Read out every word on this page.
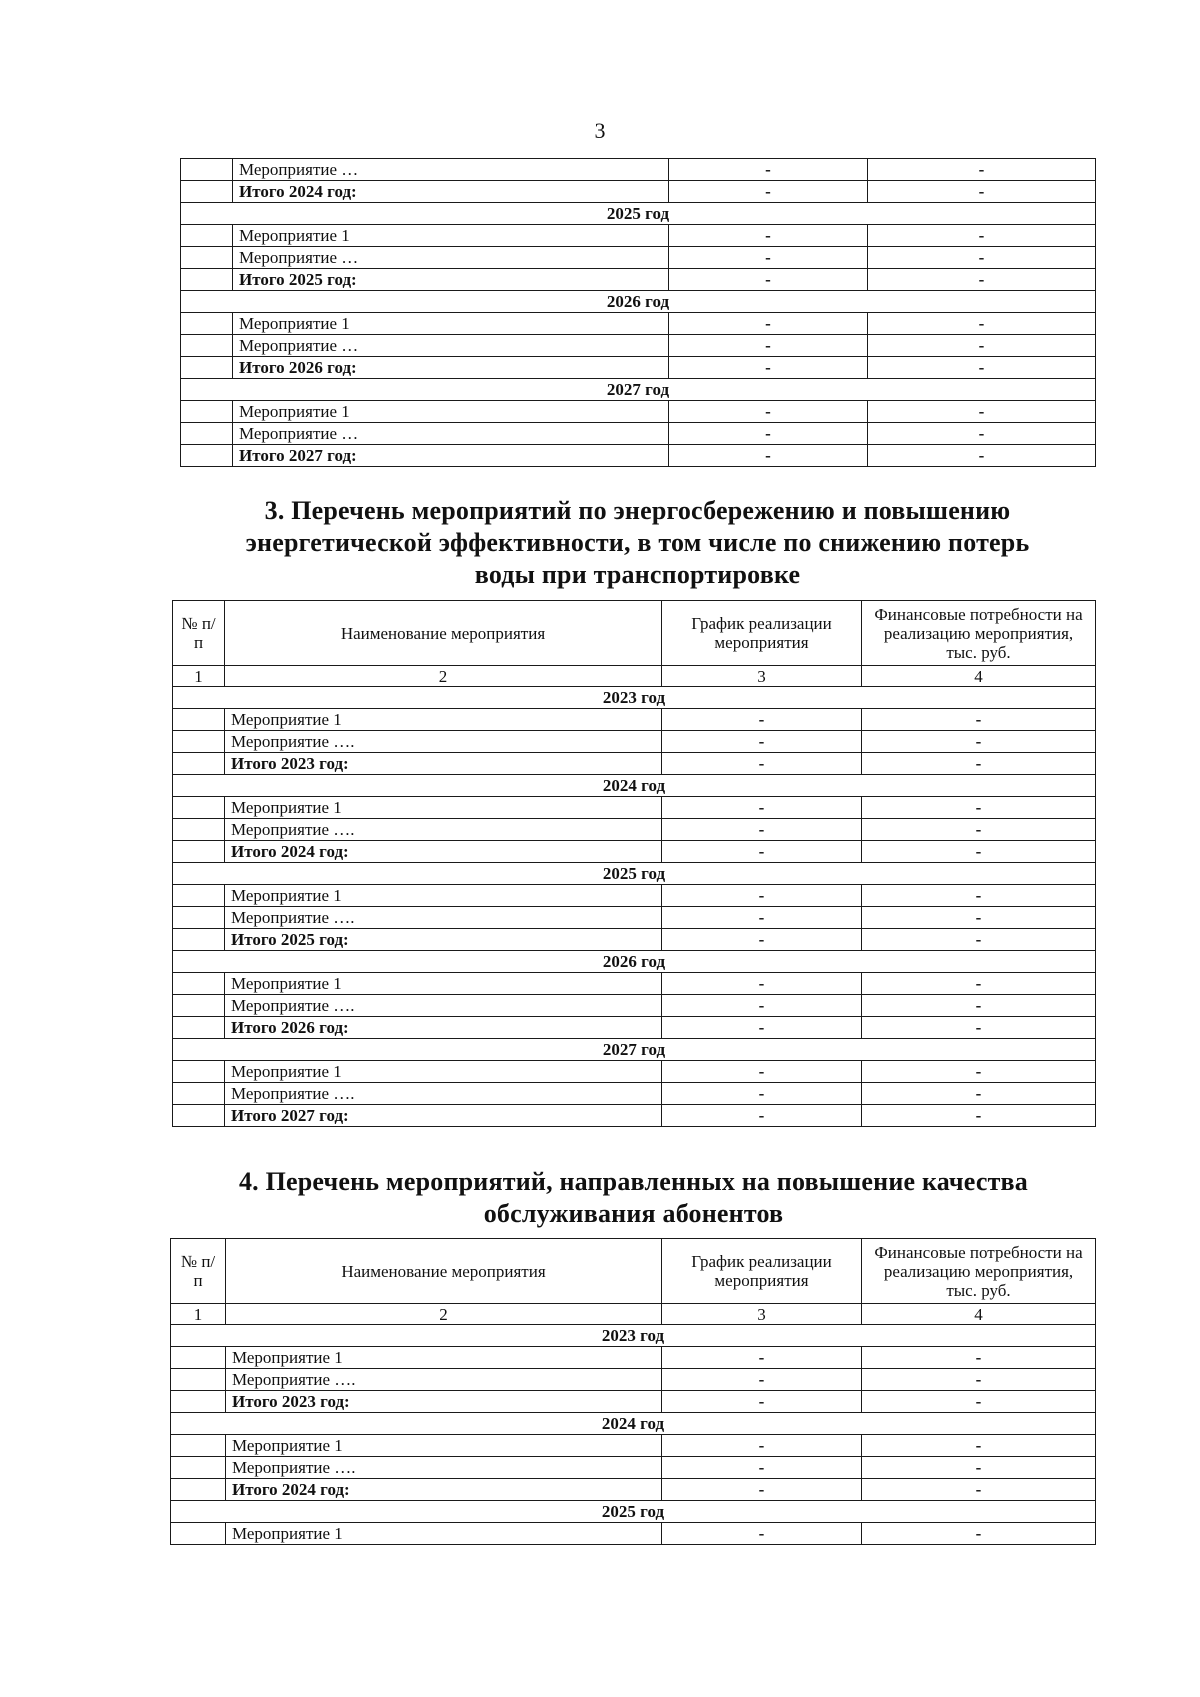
3
	Мероприятие …	-	-
	Итого 2024 год:	-	-
2025 год			
	Мероприятие 1	-	-
	Мероприятие …	-	-
	Итого 2025 год:	-	-
2026 год			
	Мероприятие 1	-	-
	Мероприятие …	-	-
	Итого 2026 год:	-	-
2027 год			
	Мероприятие 1	-	-
	Мероприятие …	-	-
	Итого 2027 год:	-	-
3. Перечень мероприятий по энергосбережению и повышению
энергетической эффективности, в том числе по снижению потерь
воды при транспортировке
№ п/п	Наименование мероприятия	График реализации мероприятия	Финансовые потребности на реализацию мероприятия, тыс. руб.
1	2	3	4
2023 год			
	Мероприятие 1	-	-
	Мероприятие ….	-	-
	Итого 2023 год:	-	-
2024 год			
	Мероприятие 1	-	-
	Мероприятие ….	-	-
	Итого 2024 год:	-	-
2025 год			
	Мероприятие 1	-	-
	Мероприятие ….	-	-
	Итого 2025 год:	-	-
2026 год			
	Мероприятие 1	-	-
	Мероприятие ….	-	-
	Итого 2026 год:	-	-
2027 год			
	Мероприятие 1	-	-
	Мероприятие ….	-	-
	Итого 2027 год:	-	-
4. Перечень мероприятий, направленных на повышение качества
обслуживания абонентов
№ п/п	Наименование мероприятия	График реализации мероприятия	Финансовые потребности на реализацию мероприятия, тыс. руб.
1	2	3	4
2023 год			
	Мероприятие 1	-	-
	Мероприятие ….	-	-
	Итого 2023 год:	-	-
2024 год			
	Мероприятие 1	-	-
	Мероприятие ….	-	-
	Итого 2024 год:	-	-
2025 год			
	Мероприятие 1	-	-
